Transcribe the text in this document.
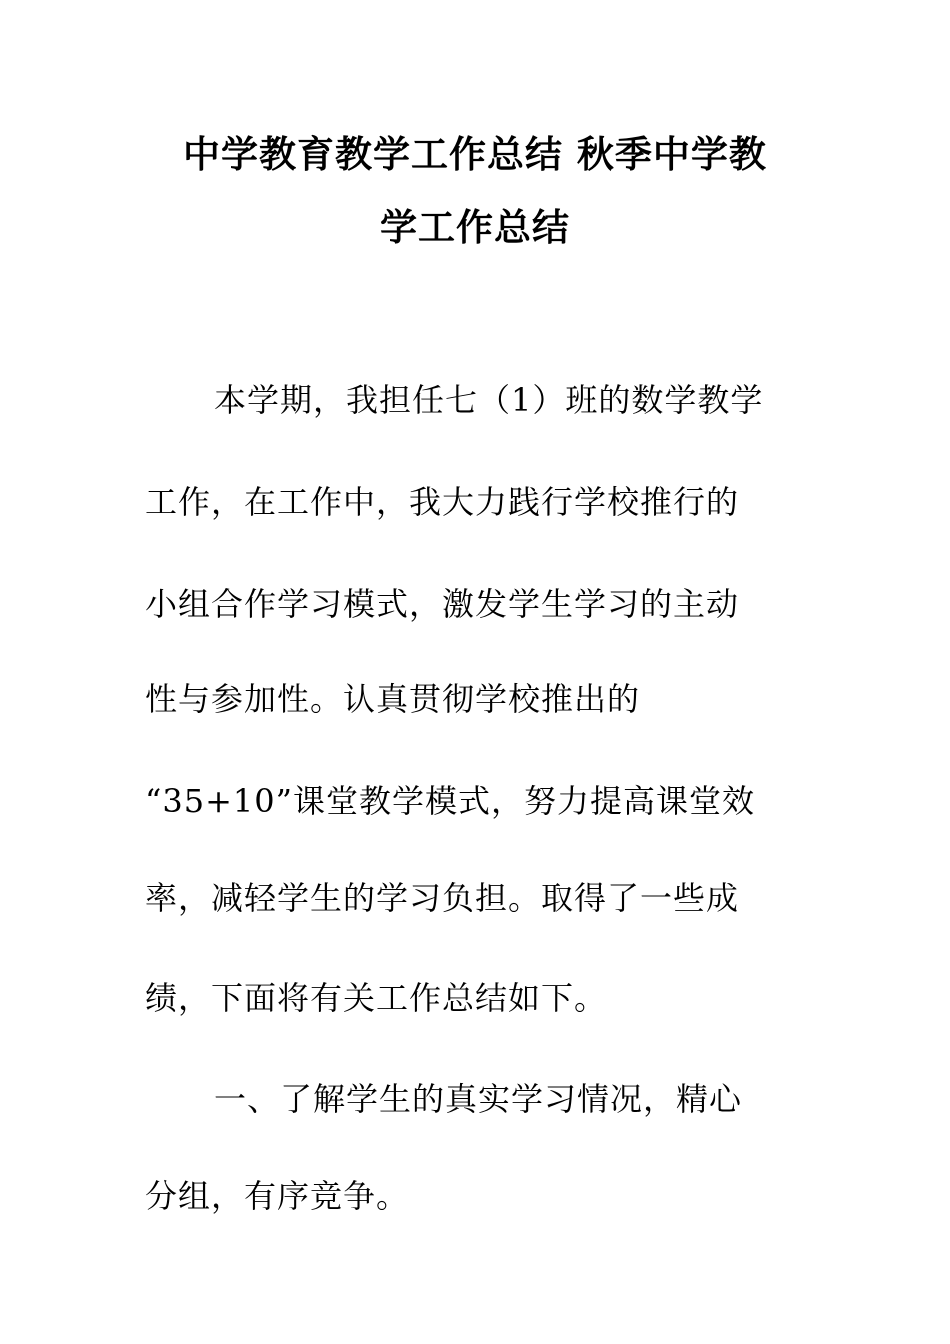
中学教育教学工作总结 秋季中学教
学工作总结
本学期，我担任七（1）班的数学教学
工作，在工作中，我大力践行学校推行的
小组合作学习模式，激发学生学习的主动
性与参加性。认真贯彻学校推出的
“35+10”课堂教学模式，努力提高课堂效
率，减轻学生的学习负担。取得了一些成
绩，下面将有关工作总结如下。
一、了解学生的真实学习情况，精心
分组，有序竞争。
